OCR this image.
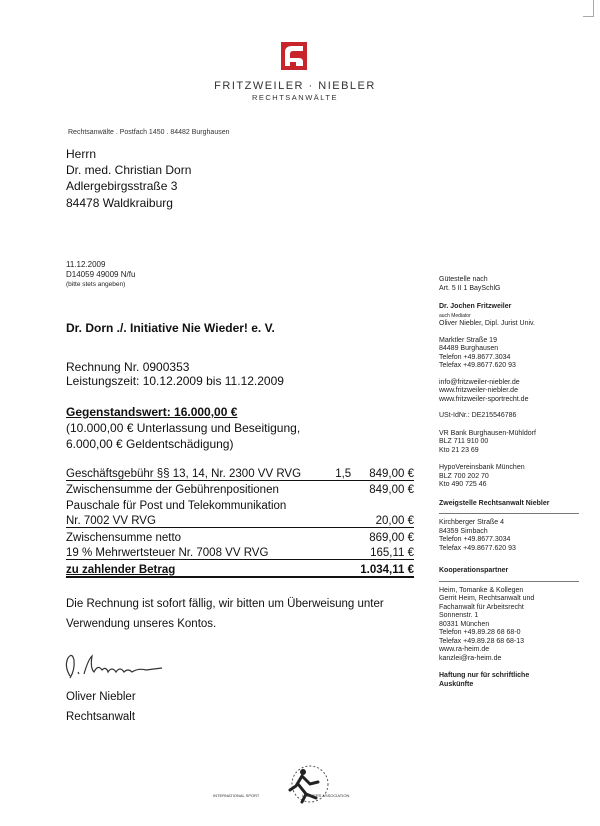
FRITZWEILER · NIEBLER
RECHTSANWÄLTE
Rechtsanwälte . Postfach 1450 . 84482 Burghausen
Herrn
Dr. med. Christian Dorn
Adlergebirgsstraße 3
84478 Waldkraiburg
11.12.2009
D14059 49009 N/fu
(bitte stets angeben)
Dr. Dorn ./. Initiative Nie Wieder! e. V.
Rechnung Nr. 0900353
Leistungszeit: 10.12.2009 bis 11.12.2009
Gegenstandswert: 16.000,00 €
(10.000,00 € Unterlassung und Beseitigung,
6.000,00 € Geldentschädigung)
Geschäftsgebühr §§ 13, 14, Nr. 2300 VV RVG	1,5	849,00 €
Zwischensumme der Gebührenpositionen		849,00 €
Pauschale für Post und Telekommunikation		
Nr. 7002 VV RVG		20,00 €
Zwischensumme netto		869,00 €
19 % Mehrwertsteuer Nr. 7008 VV RVG		165,11 €
zu zahlender Betrag		1.034,11 €
Die Rechnung ist sofort fällig, wir bitten um Überweisung unter Verwendung unseres Kontos.
Oliver Niebler
Rechtsanwalt
INTERNATIONAL SPORT	LAWYERS ASSOCIATION
Gütestelle nach
Art. 5 II 1 BaySchlG
Dr. Jochen Fritzweiler
auch Mediator
Oliver Niebler, Dipl. Jurist Univ.
Marktler Straße 19
84489 Burghausen
Telefon +49.8677.3034
Telefax +49.8677.620 93
info@fritzweiler-niebler.de
www.fritzweiler-niebler.de
www.fritzweiler-sportrecht.de
USt-IdNr.: DE215546786
VR Bank Burghausen-Mühldorf
BLZ 711 910 00
Kto 21 23 69
HypoVereinsbank München
BLZ 700 202 70
Kto 490 725 46
Zweigstelle Rechtsanwalt Niebler
Kirchberger Straße 4
84359 Simbach
Telefon +49.8677.3034
Telefax +49.8677.620 93
Kooperationspartner
Heim, Tomanke & Kollegen
Gerrit Heim, Rechtsanwalt und
Fachanwalt für Arbeitsrecht
Sonnenstr. 1
80331 München
Telefon +49.89.28 68 68-0
Telefax +49.89.28 68 68-13
www.ra-heim.de
kanzlei@ra-heim.de
Haftung nur für schriftliche
Auskünfte
